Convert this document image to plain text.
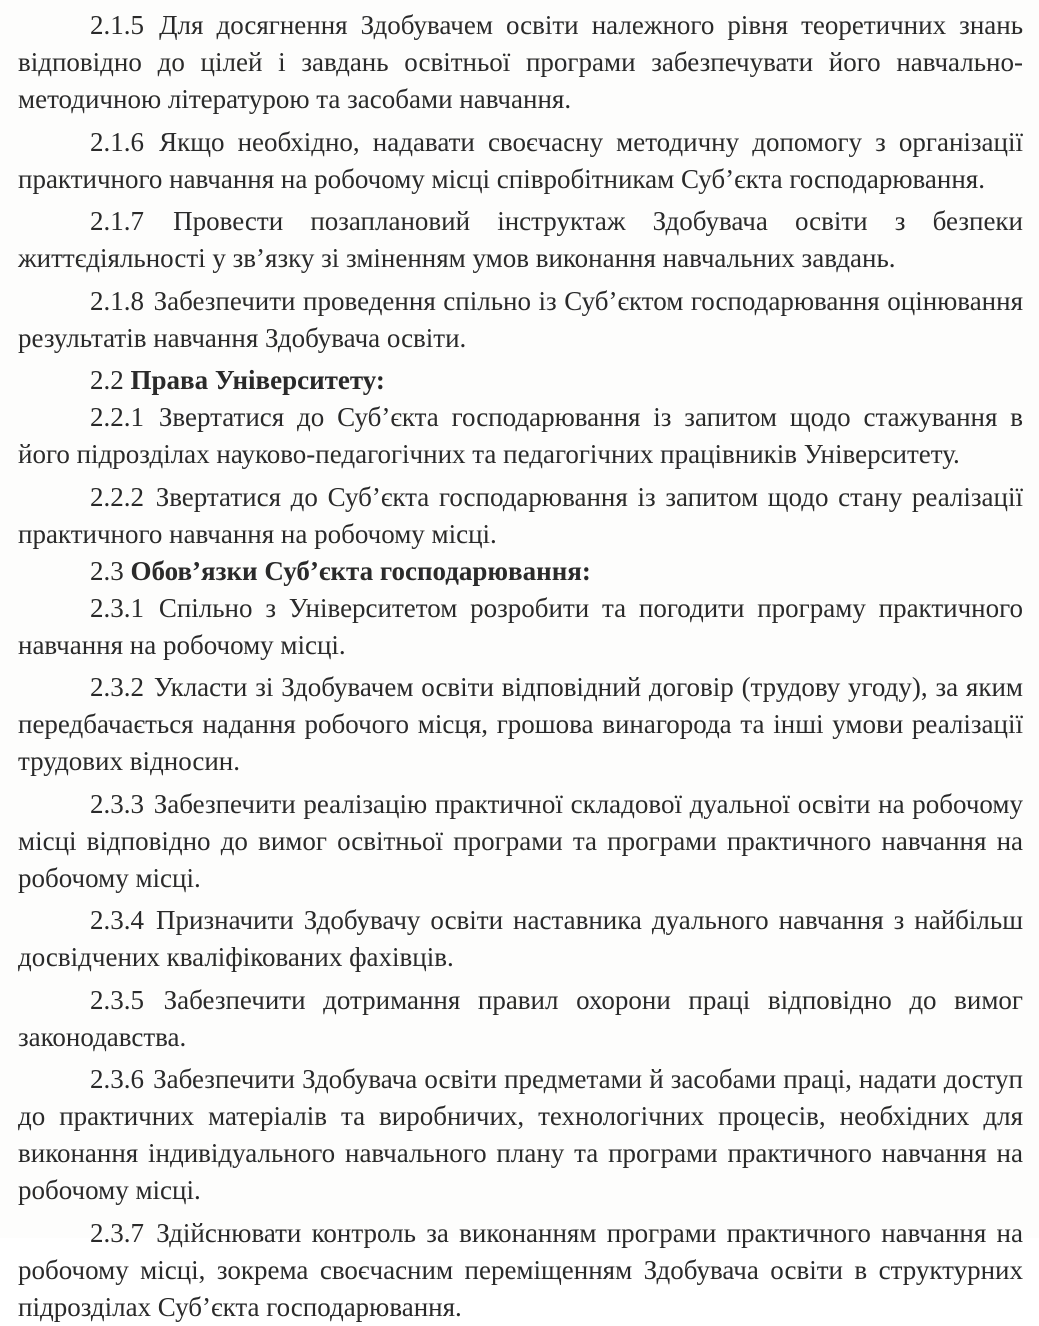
2.1.5 Для досягнення Здобувачем освіти належного рівня теоретичних знань відповідно до цілей і завдань освітньої програми забезпечувати його навчально-методичною літературою та засобами навчання.

2.1.6 Якщо необхідно, надавати своєчасну методичну допомогу з організації практичного навчання на робочому місці співробітникам Суб’єкта господарювання.

2.1.7 Провести позаплановий інструктаж Здобувача освіти з безпеки життєдіяльності у зв’язку зі зміненням умов виконання навчальних завдань.

2.1.8 Забезпечити проведення спільно із Суб’єктом господарювання оцінювання результатів навчання Здобувача освіти.

2.2 Права Університету:

2.2.1 Звертатися до Суб’єкта господарювання із запитом щодо стажування в його підрозділах науково-педагогічних та педагогічних працівників Університету.

2.2.2 Звертатися до Суб’єкта господарювання із запитом щодо стану реалізації практичного навчання на робочому місці.

2.3 Обов’язки Суб’єкта господарювання:

2.3.1 Спільно з Університетом розробити та погодити програму практичного навчання на робочому місці.

2.3.2 Укласти зі Здобувачем освіти відповідний договір (трудову угоду), за яким передбачається надання робочого місця, грошова винагорода та інші умови реалізації трудових відносин.

2.3.3 Забезпечити реалізацію практичної складової дуальної освіти на робочому місці відповідно до вимог освітньої програми та програми практичного навчання на робочому місці.

2.3.4 Призначити Здобувачу освіти наставника дуального навчання з найбільш досвідчених кваліфікованих фахівців.

2.3.5 Забезпечити дотримання правил охорони праці відповідно до вимог законодавства.

2.3.6 Забезпечити Здобувача освіти предметами й засобами праці, надати доступ до практичних матеріалів та виробничих, технологічних процесів, необхідних для виконання індивідуального навчального плану та програми практичного навчання на робочому місці.

2.3.7 Здійснювати контроль за виконанням програми практичного навчання на робочому місці, зокрема своєчасним переміщенням Здобувача освіти в структурних підрозділах Суб’єкта господарювання.
